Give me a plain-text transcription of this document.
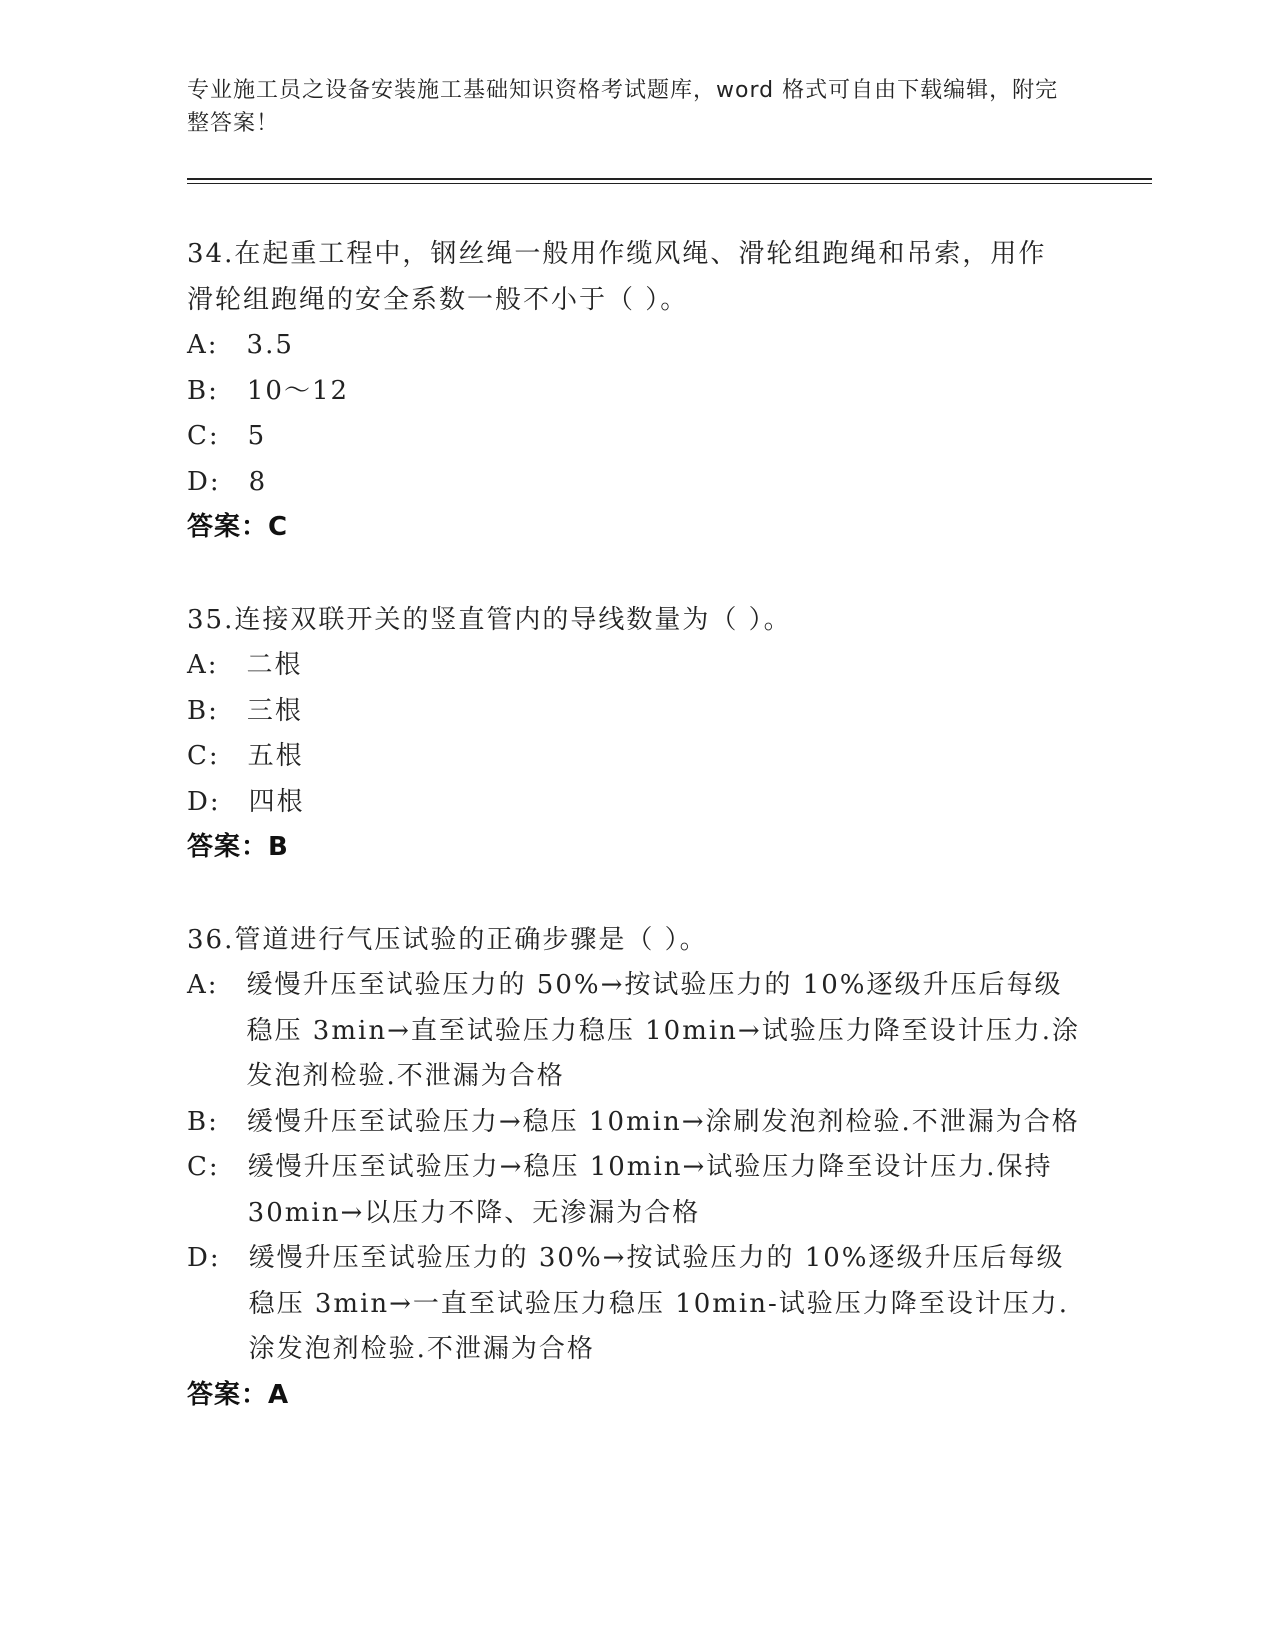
专业施工员之设备安装施工基础知识资格考试题库，word 格式可自由下载编辑，附完整答案！
34.在起重工程中，钢丝绳一般用作缆风绳、滑轮组跑绳和吊索，用作滑轮组跑绳的安全系数一般不小于（ ）。
A: 3.5
B: 10～12
C: 5
D: 8
答案：C
35.连接双联开关的竖直管内的导线数量为（ ）。
A: 二根
B: 三根
C: 五根
D: 四根
答案：B
36.管道进行气压试验的正确步骤是（ ）。
A: 缓慢升压至试验压力的 50%→按试验压力的 10%逐级升压后每级稳压 3min→直至试验压力稳压 10min→试验压力降至设计压力.涂发泡剂检验.不泄漏为合格
B: 缓慢升压至试验压力→稳压 10min→涂刷发泡剂检验.不泄漏为合格
C: 缓慢升压至试验压力→稳压 10min→试验压力降至设计压力.保持30min→以压力不降、无渗漏为合格
D: 缓慢升压至试验压力的 30%→按试验压力的 10%逐级升压后每级稳压 3min→一直至试验压力稳压 10min-试验压力降至设计压力.涂发泡剂检验.不泄漏为合格
答案：A
